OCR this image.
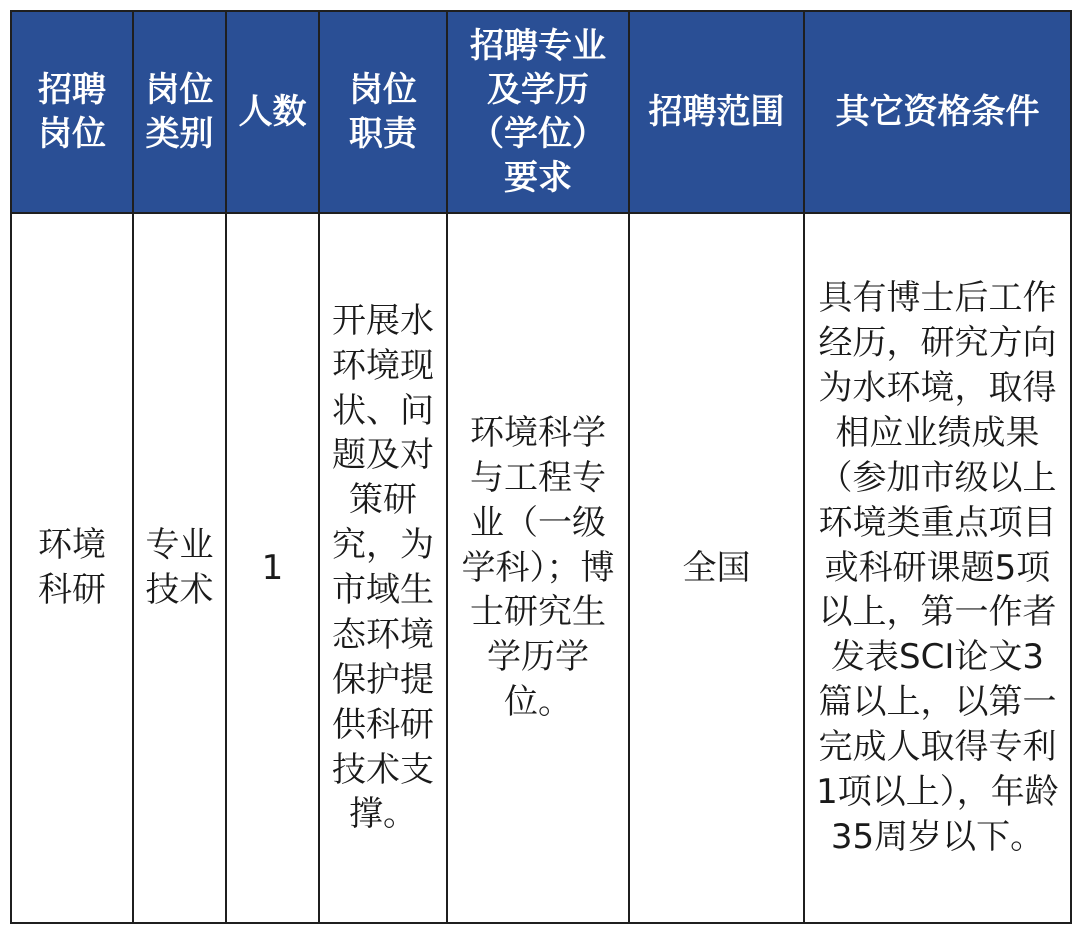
招聘岗位	岗位类别	人数	岗位职责	招聘专业及学历（学位）要求	招聘范围	其它资格条件

环境科研	专业技术	1	开展水环境现状、问题及对策研究，为市域生态环境保护提供科研技术支撑。	环境科学与工程专业（一级学科）；博士研究生学历学位。	全国	具有博士后工作经历，研究方向为水环境，取得相应业绩成果（参加市级以上环境类重点项目或科研课题5项以上，第一作者发表SCI论文3篇以上，以第一完成人取得专利1项以上），年龄35周岁以下。
